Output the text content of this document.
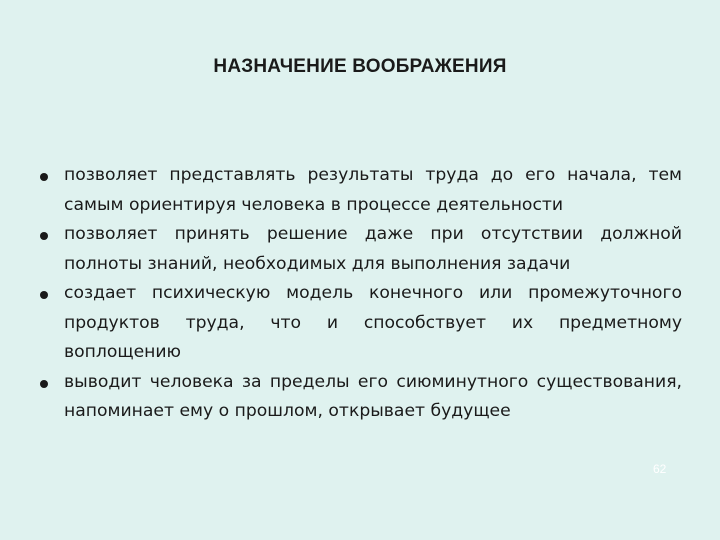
НАЗНАЧЕНИЕ ВООБРАЖЕНИЯ
позволяет представлять результаты труда до его начала, тем самым ориентируя человека в процессе деятельности
позволяет принять решение даже при отсутствии должной полноты знаний, необходимых для выполнения задачи
создает психическую модель конечного или промежуточного продуктов труда, что и способствует их предметному воплощению
выводит человека за пределы его сиюминутного существования, напоминает ему о прошлом, открывает будущее
62
